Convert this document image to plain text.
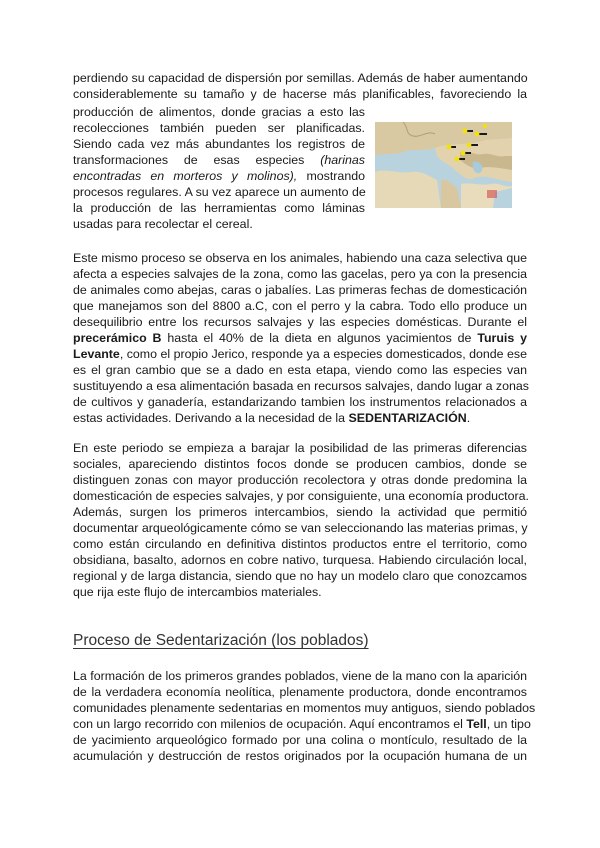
perdiendo su capacidad de dispersión por semillas. Además de haber aumentando
considerablemente su tamaño y de hacerse más planificables, favoreciendo la
producción de alimentos, donde gracias a esto las
recolecciones también pueden ser planificadas.
Siendo cada vez más abundantes los registros de
transformaciones de esas especies (harinas
encontradas en morteros y molinos), mostrando
procesos regulares. A su vez aparece un aumento de
la producción de las herramientas como láminas
usadas para recolectar el cereal.
Este mismo proceso se observa en los animales, habiendo una caza selectiva que
afecta a especies salvajes de la zona, como las gacelas, pero ya con la presencia
de animales como abejas, caras o jabalíes. Las primeras fechas de domesticación
que manejamos son del 8800 a.C, con el perro y la cabra. Todo ello produce un
desequilibrio entre los recursos salvajes y las especies domésticas. Durante el
precerámico B hasta el 40% de la dieta en algunos yacimientos de Turuis y
Levante, como el propio Jerico, responde ya a especies domesticados, donde ese
es el gran cambio que se a dado en esta etapa, viendo como las especies van
sustituyendo a esa alimentación basada en recursos salvajes, dando lugar a zonas
de cultivos y ganadería, estandarizando tambien los instrumentos relacionados a
estas actividades. Derivando a la necesidad de la SEDENTARIZACIÓN.
En este periodo se empieza a barajar la posibilidad de las primeras diferencias
sociales, apareciendo distintos focos donde se producen cambios, donde se
distinguen zonas con mayor producción recolectora y otras donde predomina la
domesticación de especies salvajes, y por consiguiente, una economía productora.
Además, surgen los primeros intercambios, siendo la actividad que permitió
documentar arqueológicamente cómo se van seleccionando las materias primas, y
como están circulando en definitiva distintos productos entre el territorio, como
obsidiana, basalto, adornos en cobre nativo, turquesa. Habiendo circulación local,
regional y de larga distancia, siendo que no hay un modelo claro que conozcamos
que rija este flujo de intercambios materiales.
Proceso de Sedentarización (los poblados)
La formación de los primeros grandes poblados, viene de la mano con la aparición
de la verdadera economía neolítica, plenamente productora, donde encontramos
comunidades plenamente sedentarias en momentos muy antiguos, siendo poblados
con un largo recorrido con milenios de ocupación. Aquí encontramos el Tell, un tipo
de yacimiento arqueológico formado por una colina o montículo, resultado de la
acumulación y destrucción de restos originados por la ocupación humana de un
